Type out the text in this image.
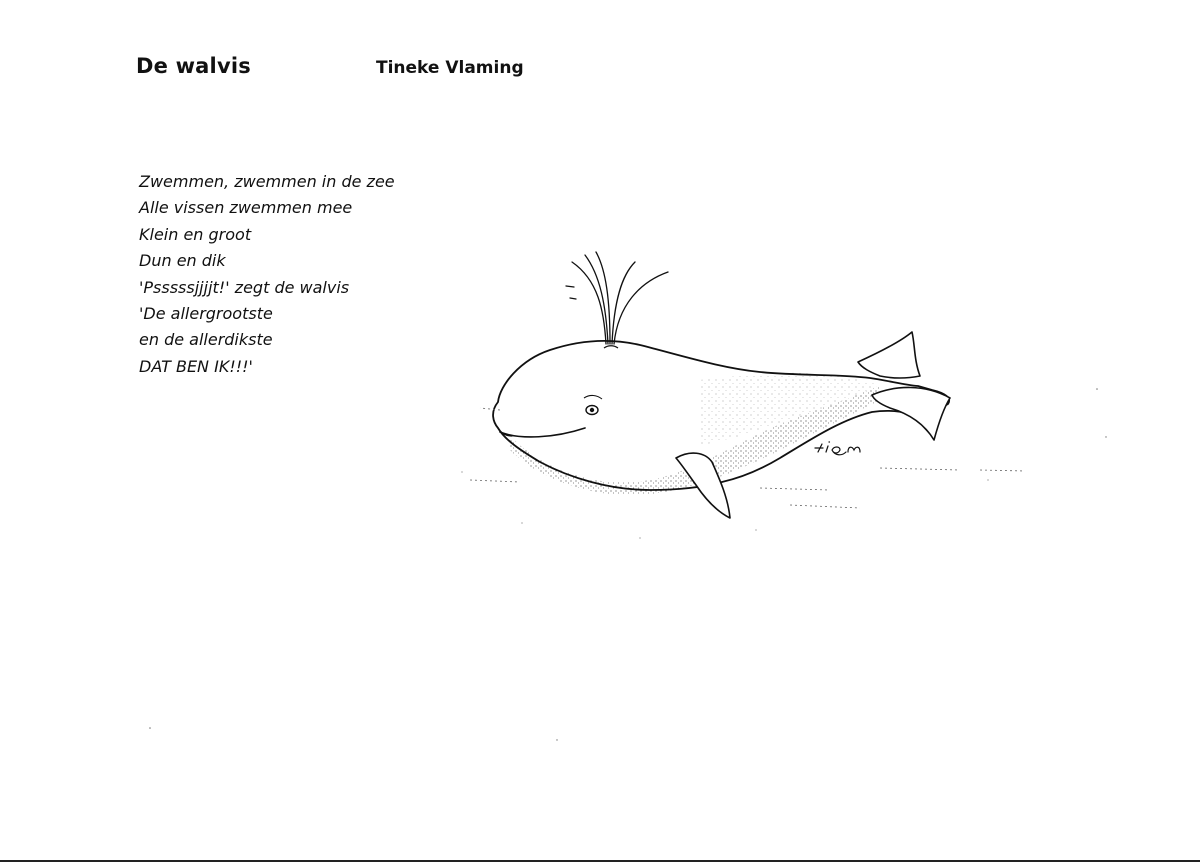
De walvis	Tineke Vlaming
Zwemmen, zwemmen in de zee
Alle vissen zwemmen mee
Klein en groot
Dun en dik
'Psssssjjjjt!' zegt de walvis
'De allergrootste
en de allerdikste
DAT BEN IK!!!'
